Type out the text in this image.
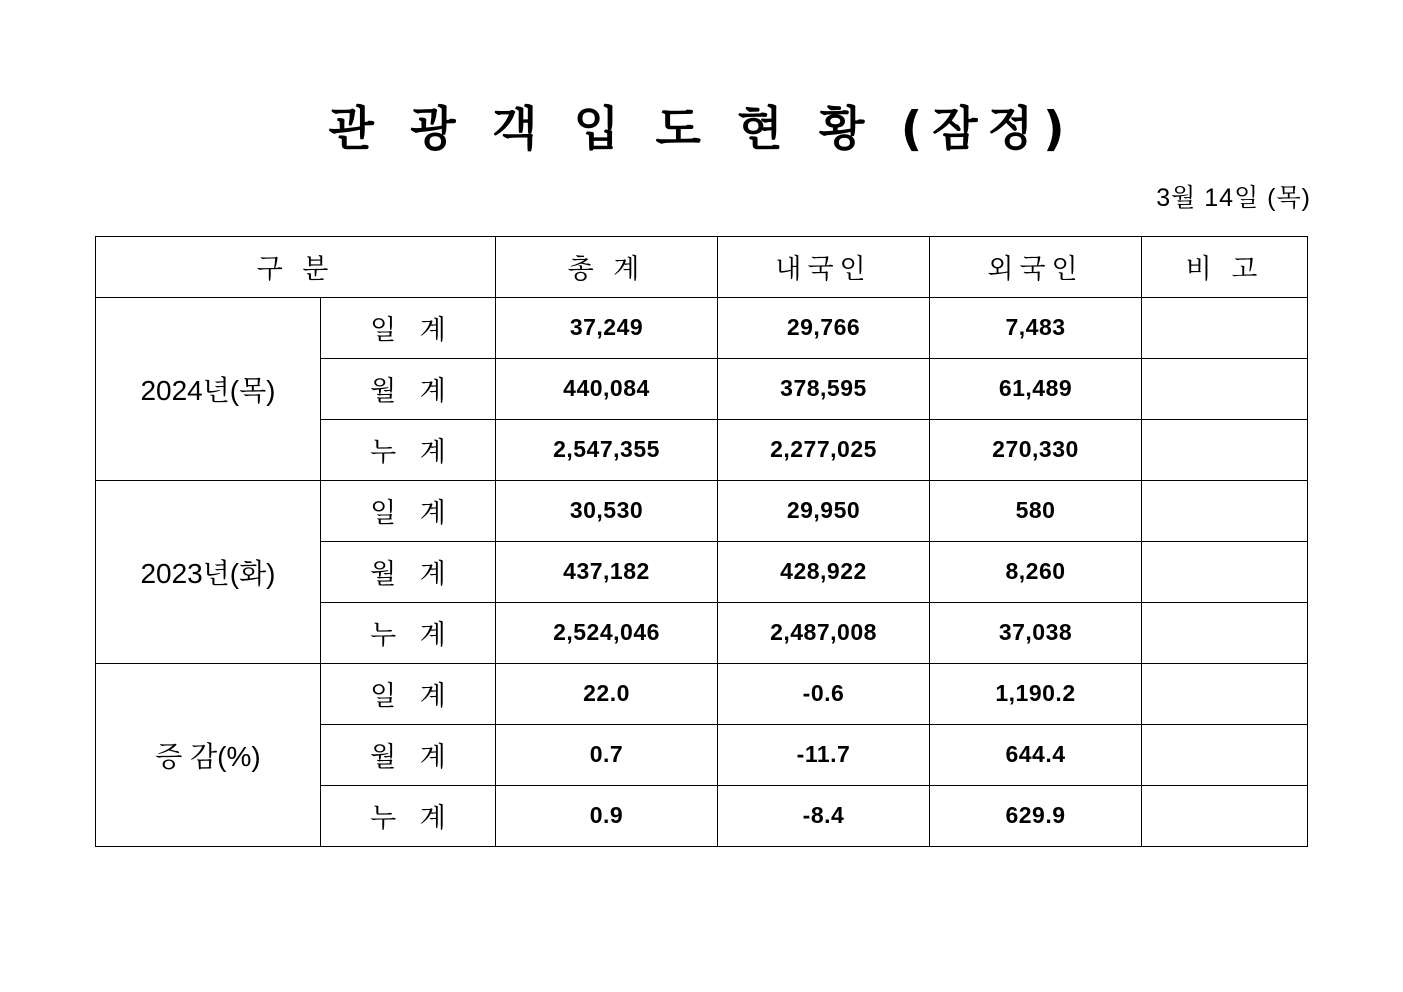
관 광 객 입 도 현 황 (잠정)
3월 14일 (목)
구 분		총 계	내국인	외국인	비 고
2024년(목)	일 계	37,249	29,766	7,483	
	월 계	440,084	378,595	61,489	
	누 계	2,547,355	2,277,025	270,330	
2023년(화)	일 계	30,530	29,950	580	
	월 계	437,182	428,922	8,260	
	누 계	2,524,046	2,487,008	37,038	
증 감(%)	일 계	22.0	-0.6	1,190.2	
	월 계	0.7	-11.7	644.4	
	누 계	0.9	-8.4	629.9	
